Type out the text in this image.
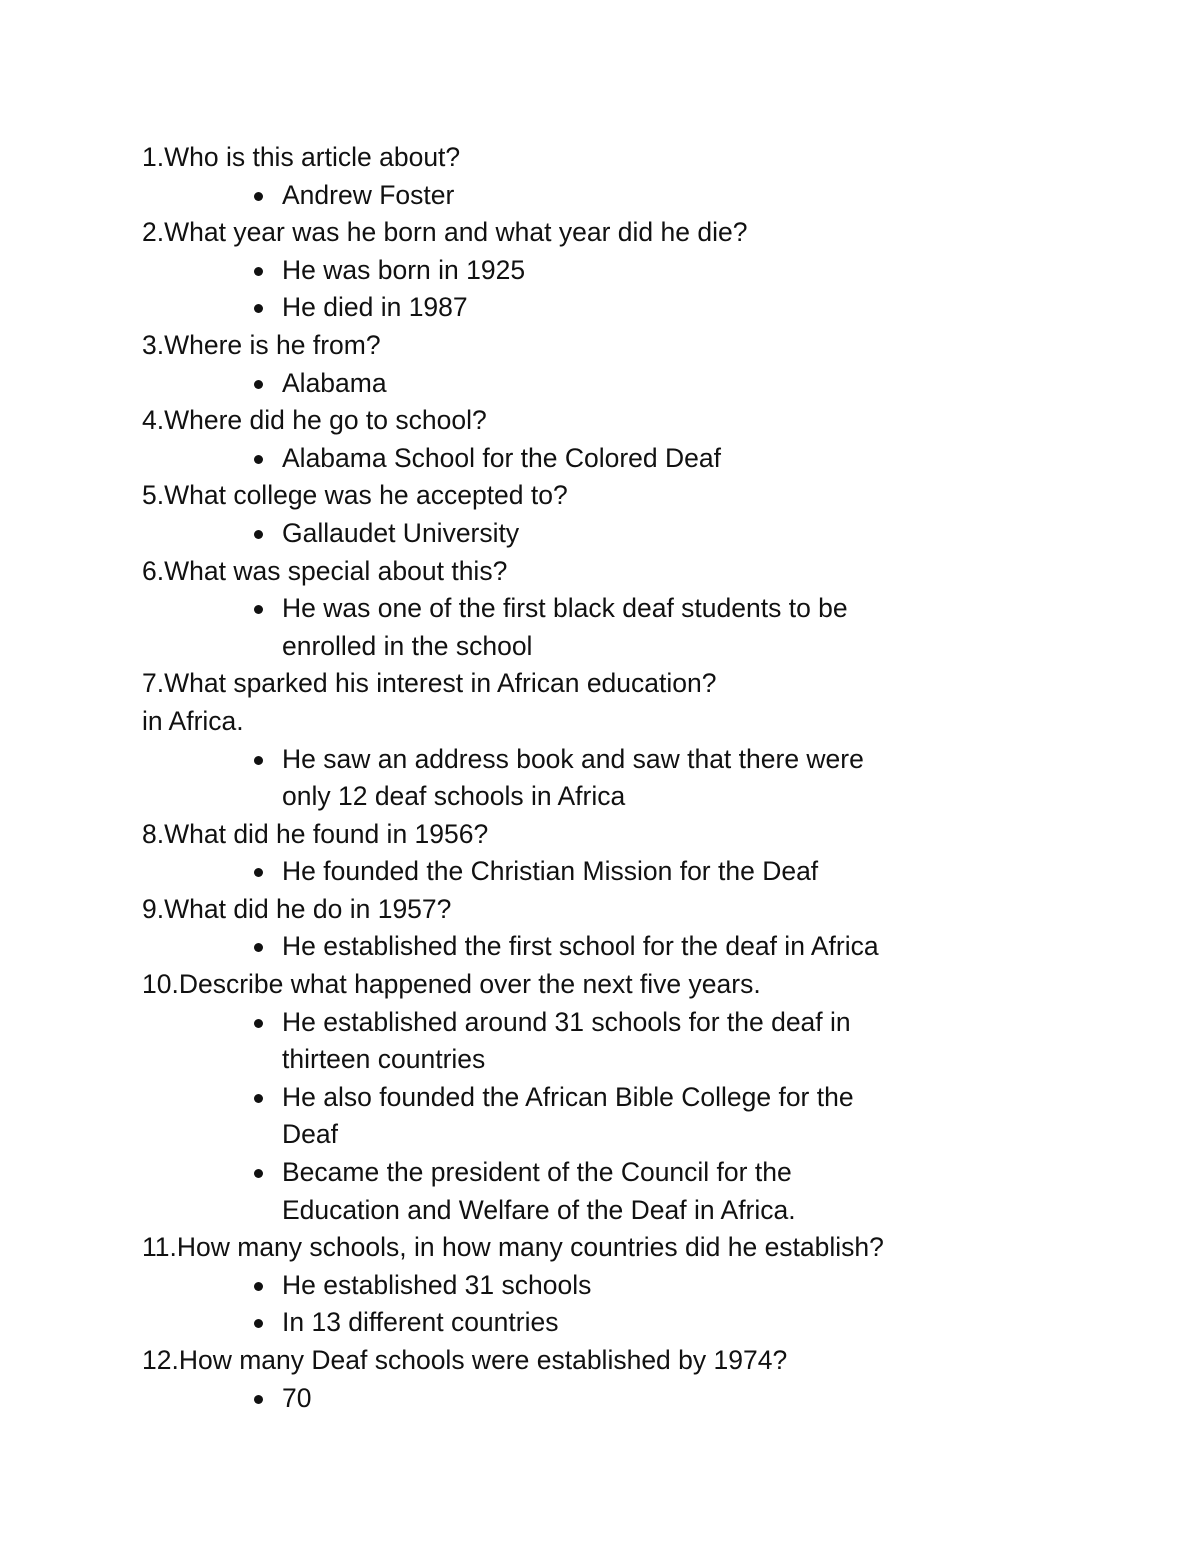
1.Who is this article about?

Andrew Foster

2.What year was he born and what year did he die?

He was born in 1925
He died in 1987

3.Where is he from?

Alabama

4.Where did he go to school?

Alabama School for the Colored Deaf

5.What college was he accepted to?

Gallaudet University

6.What was special about this?

He was one of the first black deaf students to be enrolled in the school

7.What sparked his interest in African education?

in Africa.

He saw an address book and saw that there were only 12 deaf schools in Africa

8.What did he found in 1956?

He founded the Christian Mission for the Deaf

9.What did he do in 1957?

He established the first school for the deaf in Africa

10.Describe what happened over the next five years.

He established around 31 schools for the deaf in thirteen countries
He also founded the African Bible College for the Deaf
Became the president of the Council for the Education and Welfare of the Deaf in Africa.

11.How many schools, in how many countries did he establish?

He established 31 schools
In 13 different countries

12.How many Deaf schools were established by 1974?

70
